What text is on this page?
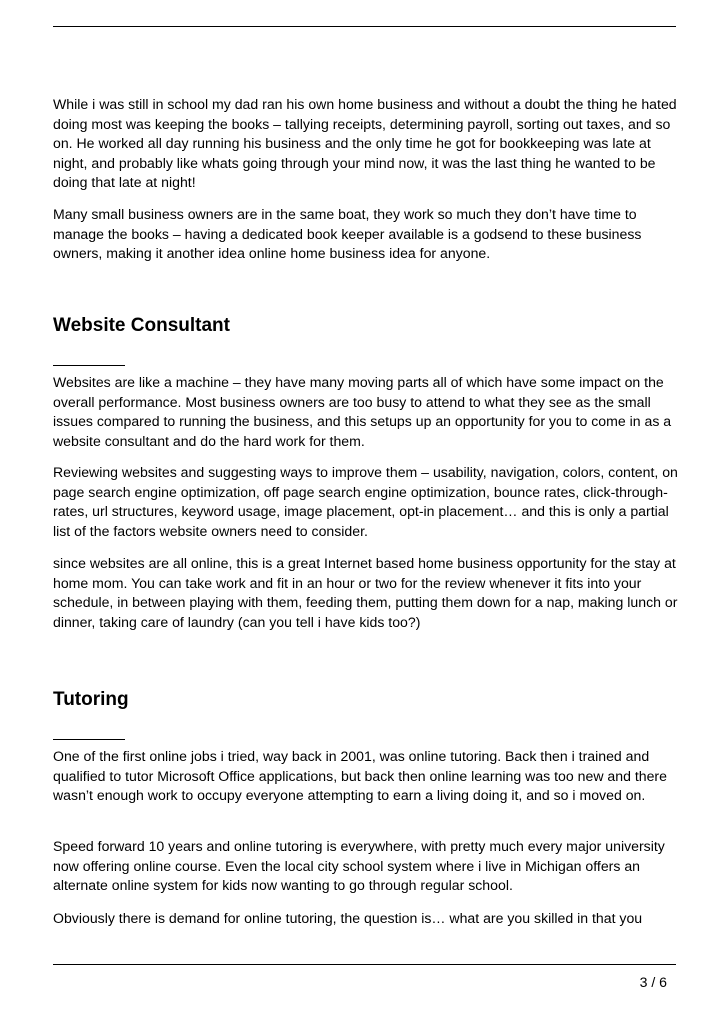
While i was still in school my dad ran his own home business and without a doubt the thing he hated doing most was keeping the books – tallying receipts, determining payroll, sorting out taxes, and so on. He worked all day running his business and the only time he got for bookkeeping was late at night, and probably like whats going through your mind now, it was the last thing he wanted to be doing that late at night!

Many small business owners are in the same boat, they work so much they don’t have time to manage the books – having a dedicated book keeper available is a godsend to these business owners, making it another idea online home business idea for anyone.

Website Consultant

Websites are like a machine – they have many moving parts all of which have some impact on the overall performance. Most business owners are too busy to attend to what they see as the small issues compared to running the business, and this setups up an opportunity for you to come in as a website consultant and do the hard work for them.

Reviewing websites and suggesting ways to improve them – usability, navigation, colors, content, on page search engine optimization, off page search engine optimization, bounce rates, click-through-rates, url structures, keyword usage, image placement, opt-in placement… and this is only a partial list of the factors website owners need to consider.

since websites are all online, this is a great Internet based home business opportunity for the stay at home mom. You can take work and fit in an hour or two for the review whenever it fits into your schedule, in between playing with them, feeding them, putting them down for a nap, making lunch or dinner, taking care of laundry (can you tell i have kids too?)

Tutoring

One of the first online jobs i tried, way back in 2001, was online tutoring. Back then i trained and qualified to tutor Microsoft Office applications, but back then online learning was too new and there wasn’t enough work to occupy everyone attempting to earn a living doing it, and so i moved on.

Speed forward 10 years and online tutoring is everywhere, with pretty much every major university now offering online course. Even the local city school system where i live in Michigan offers an alternate online system for kids now wanting to go through regular school.

Obviously there is demand for online tutoring, the question is… what are you skilled in that you

3 / 6
